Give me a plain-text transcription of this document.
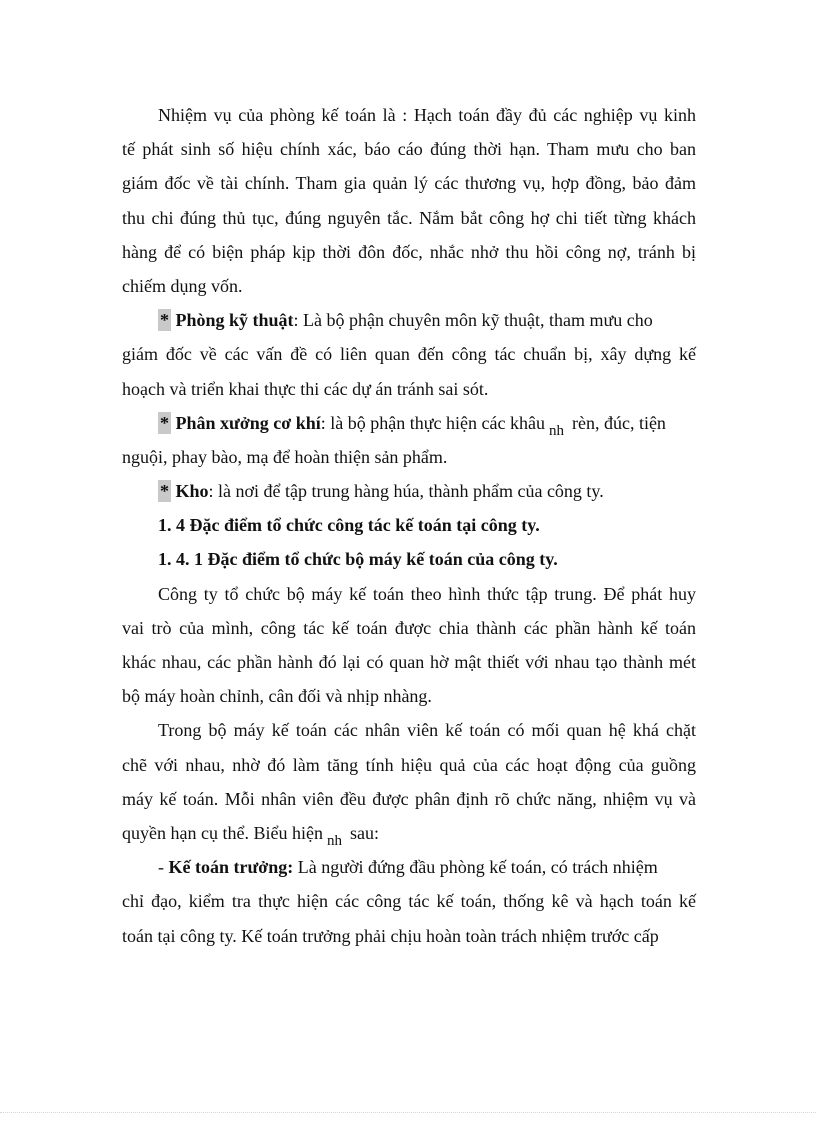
Nhiệm vụ của phòng kế toán là : Hạch toán đầy đủ các nghiệp vụ kinh
tế phát sinh số hiệu chính xác, báo cáo đúng thời hạn. Tham mưu cho ban
giám đốc về tài chính. Tham gia quản lý các thương vụ, hợp đồng, bảo đảm
thu chi đúng thủ tục, đúng nguyên tắc. Nắm bắt công hợ chi tiết từng khách
hàng để có biện pháp kịp thời đôn đốc, nhắc nhở thu hồi công nợ, tránh bị
chiếm dụng vốn.
* Phòng kỹ thuật: Là bộ phận chuyên môn kỹ thuật, tham mưu cho
giám đốc về các vấn đề có liên quan đến công tác chuẩn bị, xây dựng kế
hoạch và triển khai thực thi các dự án tránh sai sót.
* Phân xưởng cơ khí: là bộ phận thực hiện các khâu $_{nh}$ rèn, đúc, tiện
nguội, phay bào, mạ để hoàn thiện sản phẩm.
* Kho: là nơi để tập trung hàng húa, thành phẩm của công ty.
1. 4 Đặc điểm tổ chức công tác kế toán tại công ty.
1. 4. 1 Đặc điểm tổ chức bộ máy kế toán của công ty.
Công ty tổ chức bộ máy kế toán theo hình thức tập trung. Để phát huy
vai trò của mình, công tác kế toán được chia thành các phần hành kế toán
khác nhau, các phần hành đó lại có quan hờ mật thiết với nhau tạo thành mét
bộ máy hoàn chỉnh, cân đối và nhịp nhàng.
Trong bộ máy kế toán các nhân viên kế toán có mối quan hệ khá chặt
chẽ với nhau, nhờ đó làm tăng tính hiệu quả của các hoạt động của guồng
máy kế toán. Mỗi nhân viên đều được phân định rõ chức năng, nhiệm vụ và
quyền hạn cụ thể. Biểu hiện $_{nh}$ sau:
- Kế toán trưởng: Là người đứng đầu phòng kế toán, có trách nhiệm
chỉ đạo, kiểm tra thực hiện các công tác kế toán, thống kê và hạch toán kế
toán tại công ty. Kế toán trưởng phải chịu hoàn toàn trách nhiệm trước cấp
